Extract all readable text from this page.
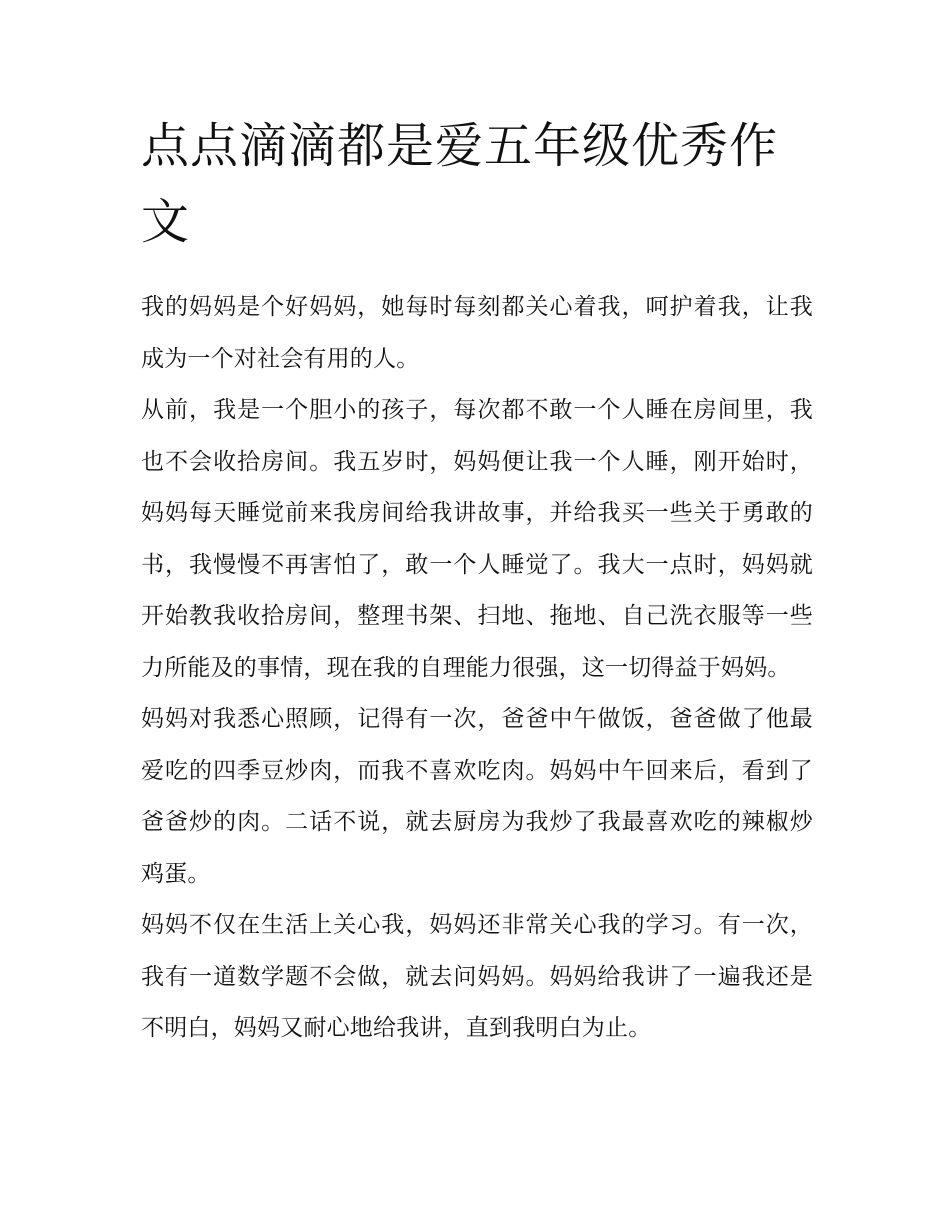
点点滴滴都是爱五年级优秀作文

我的妈妈是个好妈妈，她每时每刻都关心着我，呵护着我，让我成为一个对社会有用的人。

从前，我是一个胆小的孩子，每次都不敢一个人睡在房间里，我也不会收拾房间。我五岁时，妈妈便让我一个人睡，刚开始时，妈妈每天睡觉前来我房间给我讲故事，并给我买一些关于勇敢的书，我慢慢不再害怕了，敢一个人睡觉了。我大一点时，妈妈就开始教我收拾房间，整理书架、扫地、拖地、自己洗衣服等一些力所能及的事情，现在我的自理能力很强，这一切得益于妈妈。

妈妈对我悉心照顾，记得有一次，爸爸中午做饭，爸爸做了他最爱吃的四季豆炒肉，而我不喜欢吃肉。妈妈中午回来后，看到了爸爸炒的肉。二话不说，就去厨房为我炒了我最喜欢吃的辣椒炒鸡蛋。

妈妈不仅在生活上关心我，妈妈还非常关心我的学习。有一次，我有一道数学题不会做，就去问妈妈。妈妈给我讲了一遍我还是不明白，妈妈又耐心地给我讲，直到我明白为止。
